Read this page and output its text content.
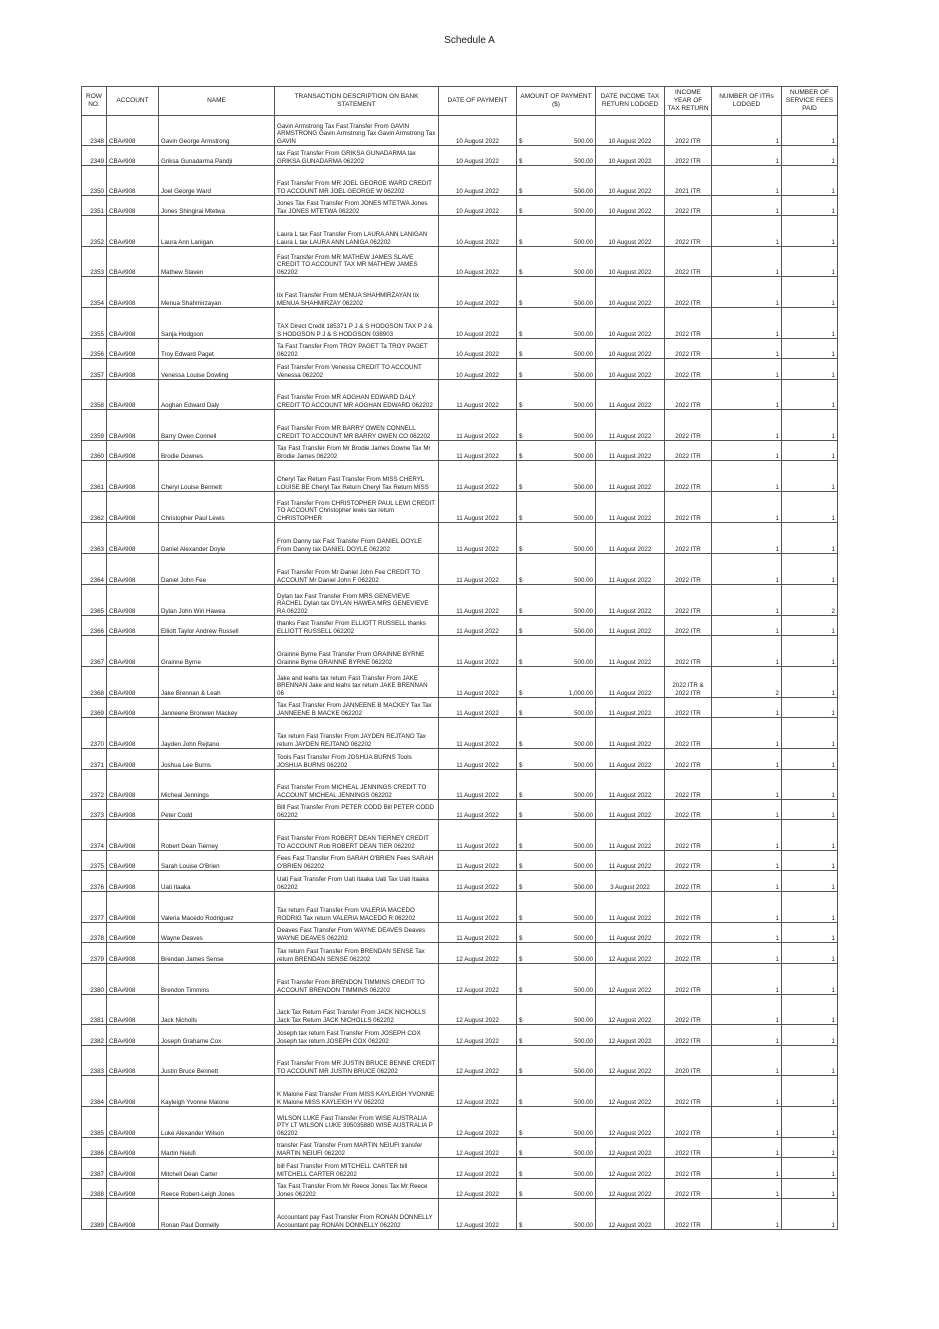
Schedule A
ROW NO.	ACCOUNT	NAME	TRANSACTION DESCRIPTION ON BANK STATEMENT	DATE OF PAYMENT	AMOUNT OF PAYMENT ($)	DATE INCOME TAX RETURN LODGED	INCOME YEAR OF TAX RETURN	NUMBER OF ITRs LODGED	NUMBER OF SERVICE FEES PAID
2348	CBA#908	Gavin George Armstrong	Gavin Armstrong Tax Fast Transfer From GAVIN ARMSTRONG Gavin Armstrong Tax Gavin Armstrong Tax GAVIN	10 August 2022	$ 500.00	10 August 2022	2022 ITR	1	1
2349	CBA#908	Griksa Gunadarma Pandji	tax Fast Transfer From GRIKSA GUNADARMA tax GRIKSA GUNADARMA 062202	10 August 2022	$ 500.00	10 August 2022	2022 ITR	1	1
2350	CBA#908	Joel George Ward	Fast Transfer From MR JOEL GEORGE WARD CREDIT TO ACCOUNT MR JOEL GEORGE W 062202	10 August 2022	$ 500.00	10 August 2022	2021 ITR	1	1
2351	CBA#908	Jones Shingirai Mtetwa	Jones Tax Fast Transfer From JONES MTETWA Jones Tax JONES MTETWA 062202	10 August 2022	$ 500.00	10 August 2022	2022 ITR	1	1
2352	CBA#908	Laura Ann Lanigan	Laura L tax Fast Transfer From LAURA ANN LANIGAN Laura L tax LAURA ANN LANIGA 062202	10 August 2022	$ 500.00	10 August 2022	2022 ITR	1	1
2353	CBA#908	Mathew Slaven	Fast Transfer From MR MATHEW JAMES SLAVE CREDIT TO ACCOUNT TAX MR MATHEW JAMES 062202	10 August 2022	$ 500.00	10 August 2022	2022 ITR	1	1
2354	CBA#908	Menua Shahmirzayan	tix Fast Transfer From MENUA SHAHMIRZAYAN tix MENUA SHAHMIRZAY 062202	10 August 2022	$ 500.00	10 August 2022	2022 ITR	1	1
2355	CBA#908	Sanja Hodgson	TAX Direct Credit 185371 P J & S HODGSON TAX P J & S HODGSON P J & S HODGSON 038903	10 August 2022	$ 500.00	10 August 2022	2022 ITR	1	1
2356	CBA#908	Troy Edward Paget	Ta Fast Transfer From TROY PAGET Ta TROY PAGET 062202	10 August 2022	$ 500.00	10 August 2022	2022 ITR	1	1
2357	CBA#908	Venessa Louise Dowling	Fast Transfer From Venessa CREDIT TO ACCOUNT Venessa 062202	10 August 2022	$ 500.00	10 August 2022	2022 ITR	1	1
2358	CBA#908	Aoghan Edward Daly	Fast Transfer From MR AOGHAN EDWARD DALY CREDIT TO ACCOUNT MR AOGHAN EDWARD 062202	11 August 2022	$ 500.00	11 August 2022	2022 ITR	1	1
2359	CBA#908	Barry Owen Connell	Fast Transfer From MR BARRY OWEN CONNELL CREDIT TO ACCOUNT MR BARRY OWEN CO 062202	11 August 2022	$ 500.00	11 August 2022	2022 ITR	1	1
2360	CBA#908	Brodie Downes	Tax Fast Transfer From Mr Brodie James Downe Tax Mr Brodie James 062202	11 August 2022	$ 500.00	11 August 2022	2022 ITR	1	1
2361	CBA#908	Cheryl Louise Bennett	Cheryl Tax Return Fast Transfer From MISS CHERYL LOUISE BE Cheryl Tax Return Cheryl Tax Return MISS	11 August 2022	$ 500.00	11 August 2022	2022 ITR	1	1
2362	CBA#908	Christopher Paul Lewis	Fast Transfer From CHRISTOPHER PAUL LEWI CREDIT TO ACCOUNT Christopher lewis tax return CHRISTOPHER	11 August 2022	$ 500.00	11 August 2022	2022 ITR	1	1
2363	CBA#908	Daniel Alexander Doyle	From Danny tax Fast Transfer From DANIEL DOYLE From Danny tax DANIEL DOYLE 062202	11 August 2022	$ 500.00	11 August 2022	2022 ITR	1	1
2364	CBA#908	Daniel John Fee	Fast Transfer From Mr Daniel John Fee CREDIT TO ACCOUNT Mr Daniel John F 062202	11 August 2022	$ 500.00	11 August 2022	2022 ITR	1	1
2365	CBA#908	Dylan John Wiri Hawea	Dylan tax Fast Transfer From MRS GENEVIEVE RACHEL Dylan tax DYLAN HAWEA MRS GENEVIEVE RA 062202	11 August 2022	$ 500.00	11 August 2022	2022 ITR	1	2
2366	CBA#908	Elliott Taylor Andrew Russell	thanks Fast Transfer From ELLIOTT RUSSELL thanks ELLIOTT RUSSELL 062202	11 August 2022	$ 500.00	11 August 2022	2022 ITR	1	1
2367	CBA#908	Grainne Byrne	Grainne Byrne Fast Transfer From GRAINNE BYRNE Grainne Byrne GRAINNE BYRNE 062202	11 August 2022	$ 500.00	11 August 2022	2022 ITR	1	1
2368	CBA#908	Jake Brennan & Leah	Jake and leahs tax return Fast Transfer From JAKE BRENNAN Jake and leahs tax return JAKE BRENNAN 06	11 August 2022	$ 1,000.00	11 August 2022	2022 ITR & 2022 ITR	2	1
2369	CBA#908	Janneene Bronwen Mackey	Tax Fast Transfer From JANNEENE B MACKEY Tax Tax JANNEENE B MACKE 062202	11 August 2022	$ 500.00	11 August 2022	2022 ITR	1	1
2370	CBA#908	Jayden John Rejtano	Tax return Fast Transfer From JAYDEN REJTANO Tax return JAYDEN REJTANO 062202	11 August 2022	$ 500.00	11 August 2022	2022 ITR	1	1
2371	CBA#908	Joshua Lee Burns	Tools Fast Transfer From JOSHUA BURNS Tools JOSHUA BURNS 062202	11 August 2022	$ 500.00	11 August 2022	2022 ITR	1	1
2372	CBA#908	Micheal Jennings	Fast Transfer From MICHEAL JENNINGS CREDIT TO ACCOUNT MICHEAL JENNINGS 062202	11 August 2022	$ 500.00	11 August 2022	2022 ITR	1	1
2373	CBA#908	Peter Codd	Bill Fast Transfer From PETER CODD Bill PETER CODD 062202	11 August 2022	$ 500.00	11 August 2022	2022 ITR	1	1
2374	CBA#908	Robert Dean Tierney	Fast Transfer From ROBERT DEAN TIERNEY CREDIT TO ACCOUNT Rob ROBERT DEAN TIER 062202	11 August 2022	$ 500.00	11 August 2022	2022 ITR	1	1
2375	CBA#908	Sarah Louise O'Brien	Fees Fast Transfer From SARAH O'BRIEN Fees SARAH O'BRIEN 062202	11 August 2022	$ 500.00	11 August 2022	2022 ITR	1	1
2376	CBA#908	Uati Itaaka	Uati Fast Transfer From Uati Itaaka Uati Tax Uati Itaaka 062202	11 August 2022	$ 500.00	3 August 2022	2022 ITR	1	1
2377	CBA#908	Valeria Macedo Rodriguez	Tax return Fast Transfer From VALERIA MACEDO RODRIG Tax return VALERIA MACEDO R 062202	11 August 2022	$ 500.00	11 August 2022	2022 ITR	1	1
2378	CBA#908	Wayne Deaves	Deaves Fast Transfer From WAYNE DEAVES Deaves WAYNE DEAVES 062202	11 August 2022	$ 500.00	11 August 2022	2022 ITR	1	1
2379	CBA#908	Brendan James Sense	Tax return Fast Transfer From BRENDAN SENSE Tax return BRENDAN SENSE 062202	12 August 2022	$ 500.00	12 August 2022	2022 ITR	1	1
2380	CBA#908	Brendon Timmins	Fast Transfer From BRENDON TIMMINS CREDIT TO ACCOUNT BRENDON TIMMINS 062202	12 August 2022	$ 500.00	12 August 2022	2022 ITR	1	1
2381	CBA#908	Jack Nicholls	Jack Tax Return Fast Transfer From JACK NICHOLLS Jack Tax Return JACK NICHOLLS 062202	12 August 2022	$ 500.00	12 August 2022	2022 ITR	1	1
2382	CBA#908	Joseph Grahame Cox	Joseph tax return Fast Transfer From JOSEPH COX Joseph tax return JOSEPH COX 062202	12 August 2022	$ 500.00	12 August 2022	2022 ITR	1	1
2383	CBA#908	Justin Bruce Bennett	Fast Transfer From MR JUSTIN BRUCE BENNE CREDIT TO ACCOUNT MR JUSTIN BRUCE 062202	12 August 2022	$ 500.00	12 August 2022	2020 ITR	1	1
2384	CBA#908	Kayleigh Yvonne Malone	K Malone Fast Transfer From MISS KAYLEIGH YVONNE K Malone MISS KAYLEIGH YV 062202	12 August 2022	$ 500.00	12 August 2022	2022 ITR	1	1
2385	CBA#908	Luke Alexander Wilson	WILSON LUKE Fast Transfer From WISE AUSTRALIA PTY LT WILSON LUKE 395035880 WISE AUSTRALIA P 062202	12 August 2022	$ 500.00	12 August 2022	2022 ITR	1	1
2386	CBA#908	Martin Neiufi	transfer Fast Transfer From MARTIN NEIUFI transfer MARTIN NEIUFI 062202	12 August 2022	$ 500.00	12 August 2022	2022 ITR	1	1
2387	CBA#908	Mitchell Dean Carter	bill Fast Transfer From MITCHELL CARTER bill MITCHELL CARTER 062202	12 August 2022	$ 500.00	12 August 2022	2022 ITR	1	1
2388	CBA#908	Reece Robert-Leigh Jones	Tax Fast Transfer From Mr Reece Jones Tax Mr Reece Jones 062202	12 August 2022	$ 500.00	12 August 2022	2022 ITR	1	1
2389	CBA#908	Ronan Paul Donnelly	Accountant pay Fast Transfer From RONAN DONNELLY Accountant pay RONAN DONNELLY 062202	12 August 2022	$ 500.00	12 August 2022	2022 ITR	1	1
